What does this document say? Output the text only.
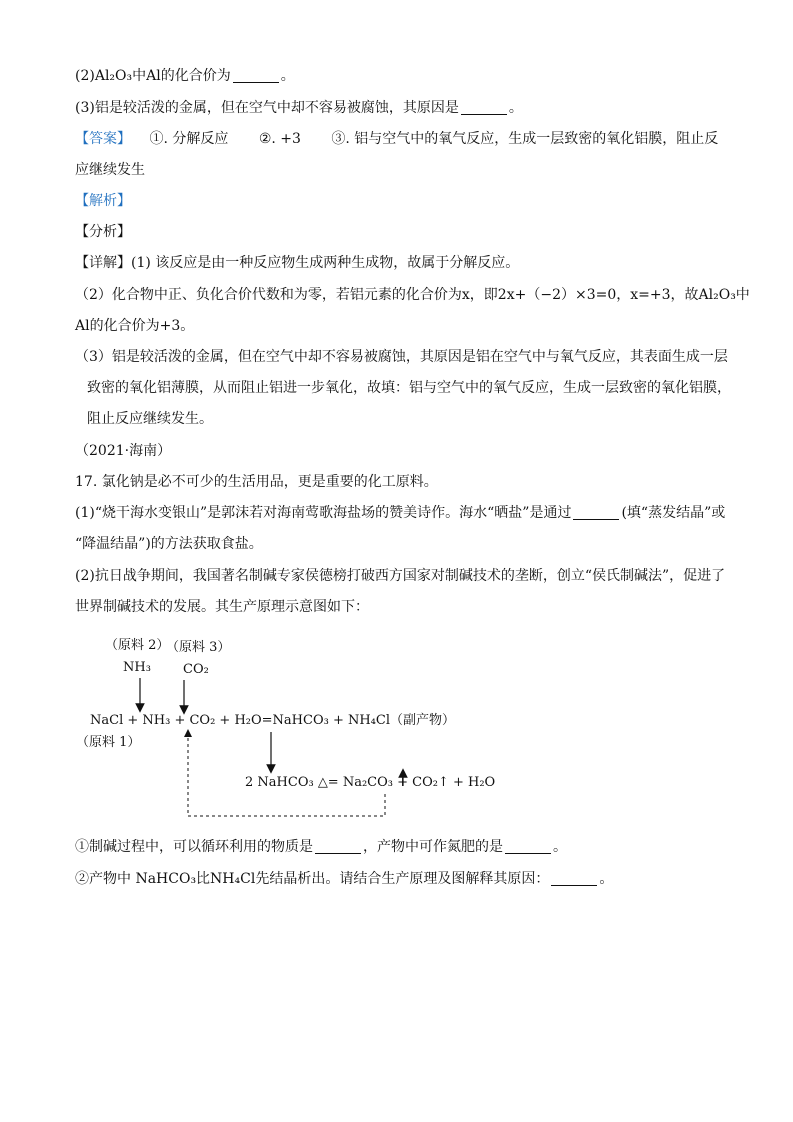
(2)Al₂O₃中Al的化合价为	。
(3)铝是较活泼的金属，但在空气中却不容易被腐蚀，其原因是	。
【答案】 ①. 分解反应 ②. +3 ③. 铝与空气中的氧气反应，生成一层致密的氧化铝膜，阻止反
应继续发生
【解析】
【分析】
【详解】(1) 该反应是由一种反应物生成两种生成物，故属于分解反应。
（2）化合物中正、负化合价代数和为零，若铝元素的化合价为x，即2x+（−2）×3=0，x=+3，故Al₂O₃中
Al的化合价为+3。
（3）铝是较活泼的金属，但在空气中却不容易被腐蚀，其原因是铝在空气中与氧气反应，其表面生成一层
致密的氧化铝薄膜，从而阻止铝进一步氧化，故填：铝与空气中的氧气反应，生成一层致密的氧化铝膜，
阻止反应继续发生。
（2021·海南）
17. 氯化钠是必不可少的生活用品，更是重要的化工原料。
(1)“烧干海水变银山”是郭沫若对海南莺歌海盐场的赞美诗作。海水“晒盐”是通过	(填“蒸发结晶”或
“降温结晶”)的方法获取食盐。
(2)抗日战争期间，我国著名制碱专家侯德榜打破西方国家对制碱技术的垄断，创立“侯氏制碱法”，促进了
世界制碱技术的发展。其生产原理示意图如下：
（原料 2）
（原料 3）
NH₃ CO₂
NaCl + NH₃ + CO₂ + H₂O=NaHCO₃ + NH₄Cl（副产物）
（原料 1）
2 NaHCO₃ △= Na₂CO₃ + CO₂↑ + H₂O
①制碱过程中，可以循环利用的物质是	，产物中可作氮肥的是	。
②产物中 NaHCO₃比NH₄Cl先结晶析出。请结合生产原理及图解释其原因：	。
